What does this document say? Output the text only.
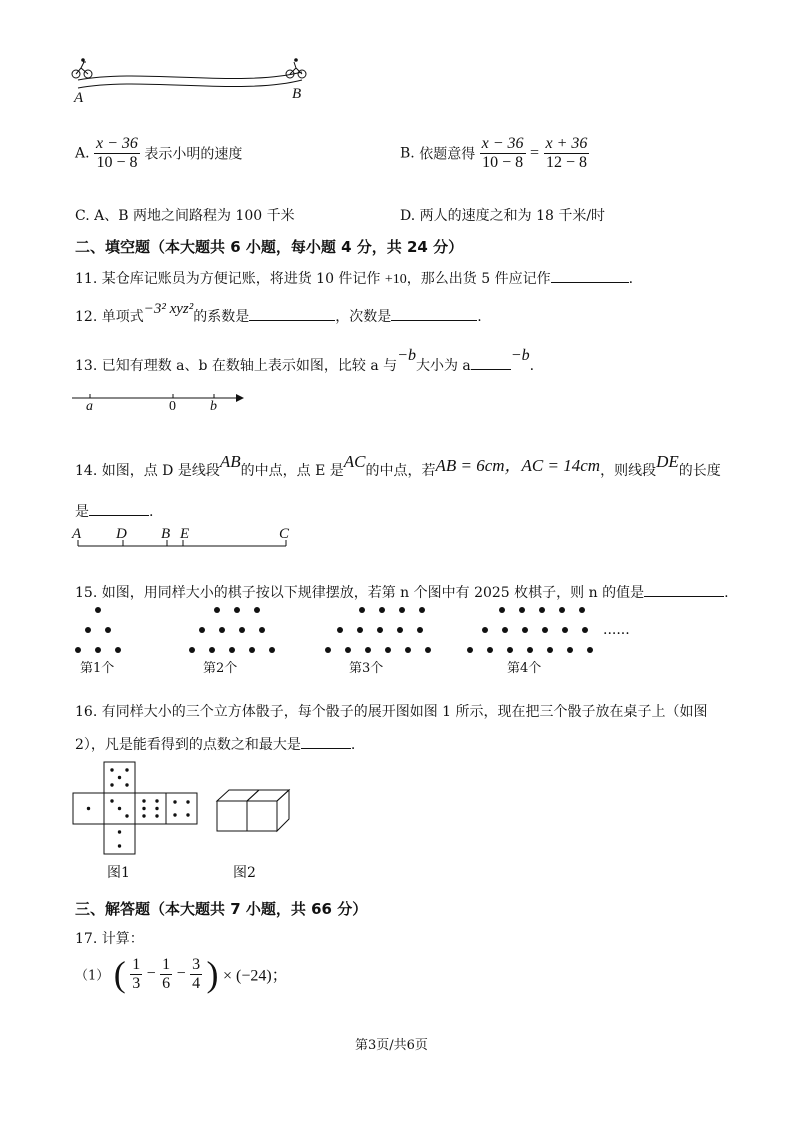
A	B
A. $\frac{x - 36}{10 - 8}$ 表示小明的速度	B. 依题意得 $\frac{x - 36}{10 - 8} = \frac{x + 36}{12 - 8}$
C. A、B 两地之间路程为 100 千米	D. 两人的速度之和为 18 千米/时
二、填空题（本大题共 6 小题，每小题 4 分，共 24 分）
11. 某仓库记账员为方便记账，将进货 10 件记作 +10，那么出货 5 件应记作	.
12. 单项式−3² xyz²的系数是	，次数是	.
13. 已知有理数 a、b 在数轴上表示如图，比较 a 与−b大小为 a−b.
a	0 b
14. 如图，点 D 是线段AB的中点，点 E 是AC的中点，若AB = 6cm，AC = 14cm，则线段DE的长度
是	.
A D B E	C
15. 如图，用同样大小的棋子按以下规律摆放，若第 n 个图中有 2025 枚棋子，则 n 的值是	.
......
第1个	第2个	第3个	第4个
16. 有同样大小的三个立方体骰子，每个骰子的展开图如图 1 所示，现在把三个骰子放在桌子上（如图
2），凡是能看得到的点数之和最大是	.
图1	图2
三、解答题（本大题共 7 小题，共 66 分）
17. 计算：
（1） ( $\frac{1}{3} - \frac{1}{6} - \frac{3}{4}$ ) × (−24)；
第3页/共6页
